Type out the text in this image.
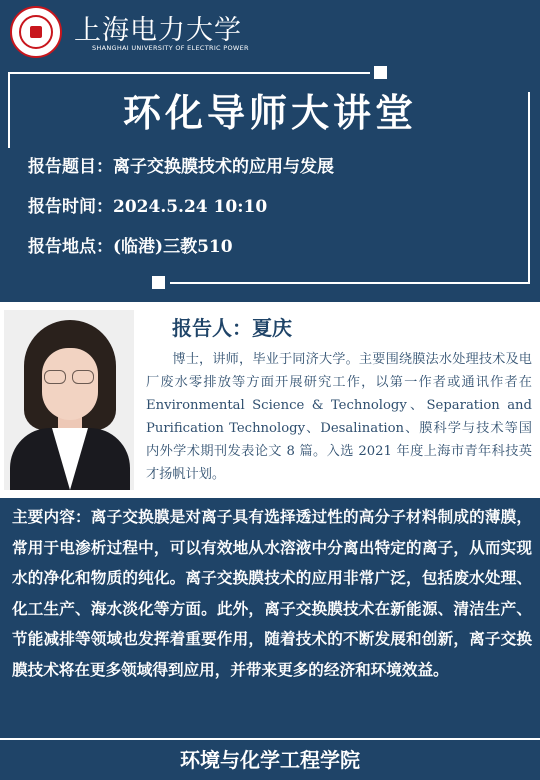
上海电力大学
SHANGHAI UNIVERSITY OF ELECTRIC POWER
环化导师大讲堂
报告题目：离子交换膜技术的应用与发展
报告时间：2024.5.24 10:10
报告地点：(临港)三教510
报告人：夏庆
博士，讲师，毕业于同济大学。主要围绕膜法水处理技术及电厂废水零排放等方面开展研究工作，以第一作者或通讯作者在 Environmental Science & Technology、Separation and Purification Technology、Desalination、膜科学与技术等国内外学术期刊发表论文 8 篇。入选 2021 年度上海市青年科技英才扬帆计划。
主要内容：离子交换膜是对离子具有选择透过性的高分子材料制成的薄膜，常用于电渗析过程中，可以有效地从水溶液中分离出特定的离子，从而实现水的净化和物质的纯化。离子交换膜技术的应用非常广泛，包括废水处理、化工生产、海水淡化等方面。此外，离子交换膜技术在新能源、清洁生产、节能减排等领域也发挥着重要作用，随着技术的不断发展和创新，离子交换膜技术将在更多领域得到应用，并带来更多的经济和环境效益。
环境与化学工程学院
